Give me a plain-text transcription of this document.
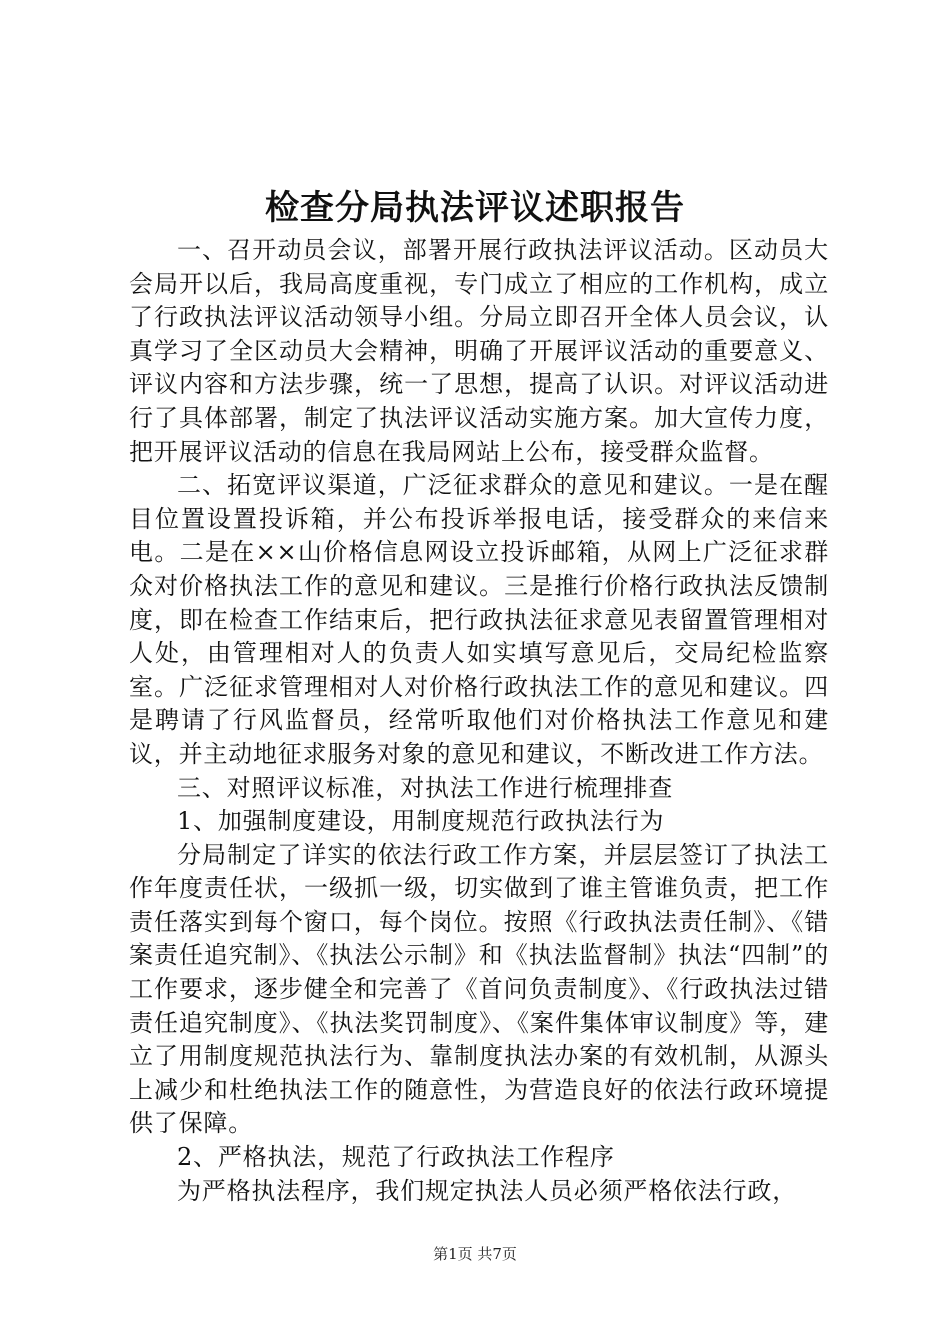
检查分局执法评议述职报告

一、召开动员会议，部署开展行政执法评议活动。区动员大会局开以后，我局高度重视，专门成立了相应的工作机构，成立了行政执法评议活动领导小组。分局立即召开全体人员会议，认真学习了全区动员大会精神，明确了开展评议活动的重要意义、评议内容和方法步骤，统一了思想，提高了认识。对评议活动进行了具体部署，制定了执法评议活动实施方案。加大宣传力度，把开展评议活动的信息在我局网站上公布，接受群众监督。

二、拓宽评议渠道，广泛征求群众的意见和建议。一是在醒目位置设置投诉箱，并公布投诉举报电话，接受群众的来信来电。二是在××山价格信息网设立投诉邮箱，从网上广泛征求群众对价格执法工作的意见和建议。三是推行价格行政执法反馈制度，即在检查工作结束后，把行政执法征求意见表留置管理相对人处，由管理相对人的负责人如实填写意见后，交局纪检监察室。广泛征求管理相对人对价格行政执法工作的意见和建议。四是聘请了行风监督员，经常听取他们对价格执法工作意见和建议，并主动地征求服务对象的意见和建议，不断改进工作方法。

三、对照评议标准，对执法工作进行梳理排查

1、加强制度建设，用制度规范行政执法行为

分局制定了详实的依法行政工作方案，并层层签订了执法工作年度责任状，一级抓一级，切实做到了谁主管谁负责，把工作责任落实到每个窗口，每个岗位。按照《行政执法责任制》、《错案责任追究制》、《执法公示制》和《执法监督制》执法“四制”的工作要求，逐步健全和完善了《首问负责制度》、《行政执法过错责任追究制度》、《执法奖罚制度》、《案件集体审议制度》等，建立了用制度规范执法行为、靠制度执法办案的有效机制，从源头上减少和杜绝执法工作的随意性，为营造良好的依法行政环境提供了保障。

2、严格执法，规范了行政执法工作程序

为严格执法程序，我们规定执法人员必须严格依法行政，

第1页 共7页
